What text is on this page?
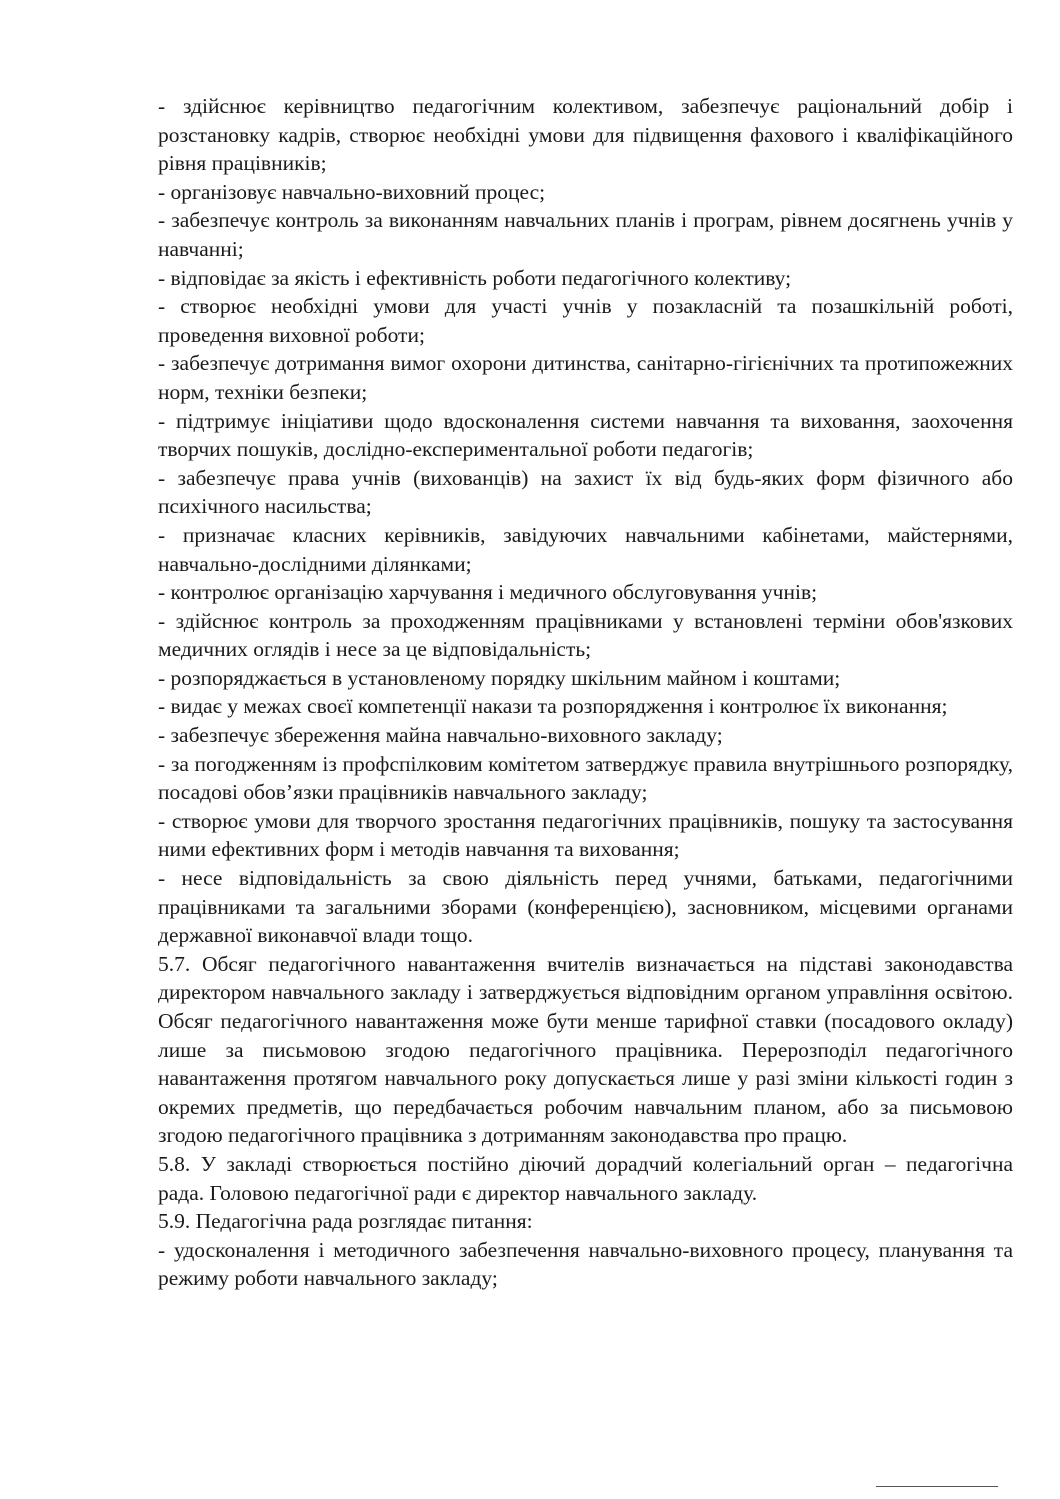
- здійснює керівництво педагогічним колективом, забезпечує раціональний добір і розстановку кадрів, створює необхідні умови для підвищення фахового і кваліфікаційного рівня працівників;

- організовує навчально-виховний процес;

- забезпечує контроль за виконанням навчальних планів і програм, рівнем досягнень учнів у навчанні;

- відповідає за якість і ефективність роботи педагогічного колективу;

- створює необхідні умови для участі учнів у позакласній та позашкільній роботі, проведення виховної роботи;

- забезпечує дотримання вимог охорони дитинства, санітарно-гігієнічних та протипожежних норм, техніки безпеки;

- підтримує ініціативи щодо вдосконалення системи навчання та виховання, заохочення творчих пошуків, дослідно-експериментальної роботи педагогів;

- забезпечує права учнів (вихованців) на захист їх від будь-яких форм фізичного або психічного насильства;

- призначає класних керівників, завідуючих навчальними кабінетами, майстернями, навчально-дослідними ділянками;

- контролює організацію харчування і медичного обслуговування учнів;

- здійснює контроль за проходженням працівниками у встановлені терміни обов'язкових медичних оглядів і несе за це відповідальність;

- розпоряджається в установленому порядку шкільним майном і коштами;

- видає у межах своєї компетенції накази та розпорядження і контролює їх виконання;

- забезпечує збереження майна навчально-виховного закладу;

- за погодженням із профспілковим комітетом затверджує правила внутрішнього розпорядку, посадові обов’язки працівників навчального закладу;

- створює умови для творчого зростання педагогічних працівників, пошуку та застосування ними ефективних форм і методів навчання та виховання;

- несе відповідальність за свою діяльність перед учнями, батьками, педагогічними працівниками та загальними зборами (конференцією), засновником, місцевими органами державної виконавчої влади тощо.

5.7. Обсяг педагогічного навантаження вчителів визначається на підставі законодавства директором навчального закладу і затверджується відповідним органом управління освітою. Обсяг педагогічного навантаження може бути менше тарифної ставки (посадового окладу) лише за письмовою згодою педагогічного працівника. Перерозподіл педагогічного навантаження протягом навчального року допускається лише у разі зміни кількості годин з окремих предметів, що передбачається робочим навчальним планом, або за письмовою згодою педагогічного працівника з дотриманням законодавства про працю.

5.8. У закладі створюється постійно діючий дорадчий колегіальний орган – педагогічна рада. Головою педагогічної ради є директор навчального закладу.

5.9. Педагогічна рада розглядає питання:

- удосконалення і методичного забезпечення навчально-виховного процесу, планування та режиму роботи навчального закладу;
